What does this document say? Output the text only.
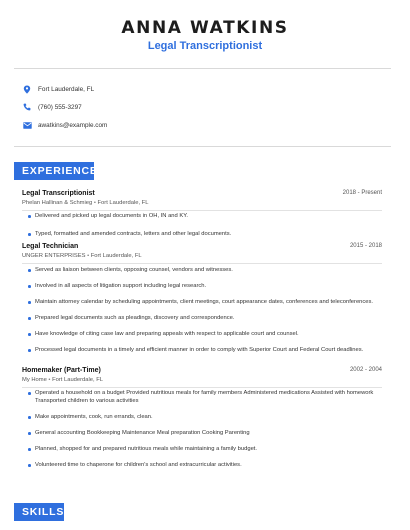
ANNA WATKINS
Legal Transcriptionist
Fort Lauderdale, FL
(760) 555-3297
awatkins@example.com
EXPERIENCE
Legal Transcriptionist	2018 - Present
Phelan Hallinan & Schmieg • Fort Lauderdale, FL
Delivered and picked up legal documents in OH, IN and KY.
Typed, formatted and amended contracts, letters and other legal documents.
Legal Technician	2015 - 2018
UNGER ENTERPRISES • Fort Lauderdale, FL
Served as liaison between clients, opposing counsel, vendors and witnesses.
Involved in all aspects of litigation support including legal research.
Maintain attorney calendar by scheduling appointments, client meetings, court appearance dates, conferences and teleconferences.
Prepared legal documents such as pleadings, discovery and correspondence.
Have knowledge of citing case law and preparing appeals with respect to applicable court and counsel.
Processed legal documents in a timely and efficient manner in order to comply with Superior Court and Federal Court deadlines.
Homemaker (Part-Time)	2002 - 2004
My Home • Fort Lauderdale, FL
Operated a household on a budget Provided nutritious meals for family members Administered medications Assisted with homework Transported children to various activities
Make appointments, cook, run errands, clean.
General accounting Bookkeeping Maintenance Meal preparation Cooking Parenting
Planned, shopped for and prepared nutritious meals while maintaining a family budget.
Volunteered time to chaperone for children's school and extracurricular activities.
SKILLS
